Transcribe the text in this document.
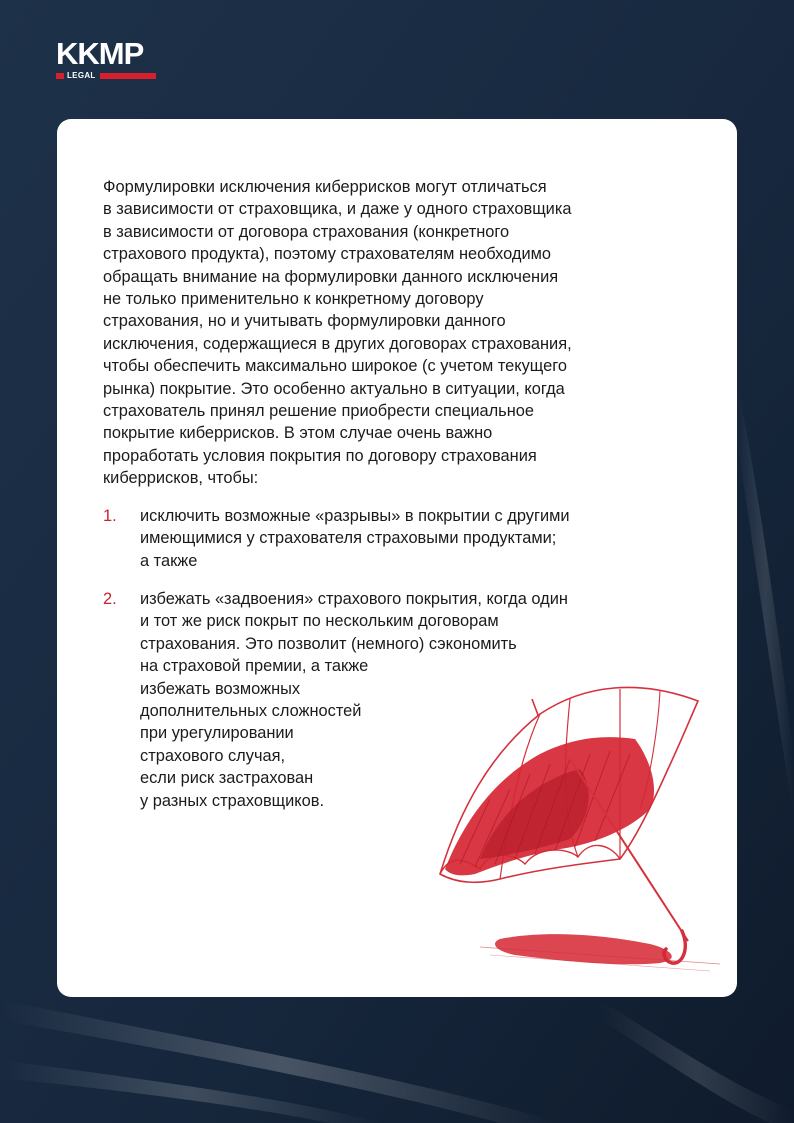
KKMP
LEGAL

Формулировки исключения киберрисков могут отличаться
в зависимости от страховщика, и даже у одного страховщика
в зависимости от договора страхования (конкретного
страхового продукта), поэтому страхователям необходимо
обращать внимание на формулировки данного исключения
не только применительно к конкретному договору
страхования, но и учитывать формулировки данного
исключения, содержащиеся в других договорах страхования,
чтобы обеспечить максимально широкое (с учетом текущего
рынка) покрытие. Это особенно актуально в ситуации, когда
страхователь принял решение приобрести специальное
покрытие киберрисков. В этом случае очень важно
проработать условия покрытия по договору страхования
киберрисков, чтобы:

1. исключить возможные «разрывы» в покрытии с другими
имеющимися у страхователя страховыми продуктами;
а также

2. избежать «задвоения» страхового покрытия, когда один
и тот же риск покрыт по нескольким договорам
страхования. Это позволит (немного) сэкономить
на страховой премии, а также
избежать возможных
дополнительных сложностей
при урегулировании
страхового случая,
если риск застрахован
у разных страховщиков.
